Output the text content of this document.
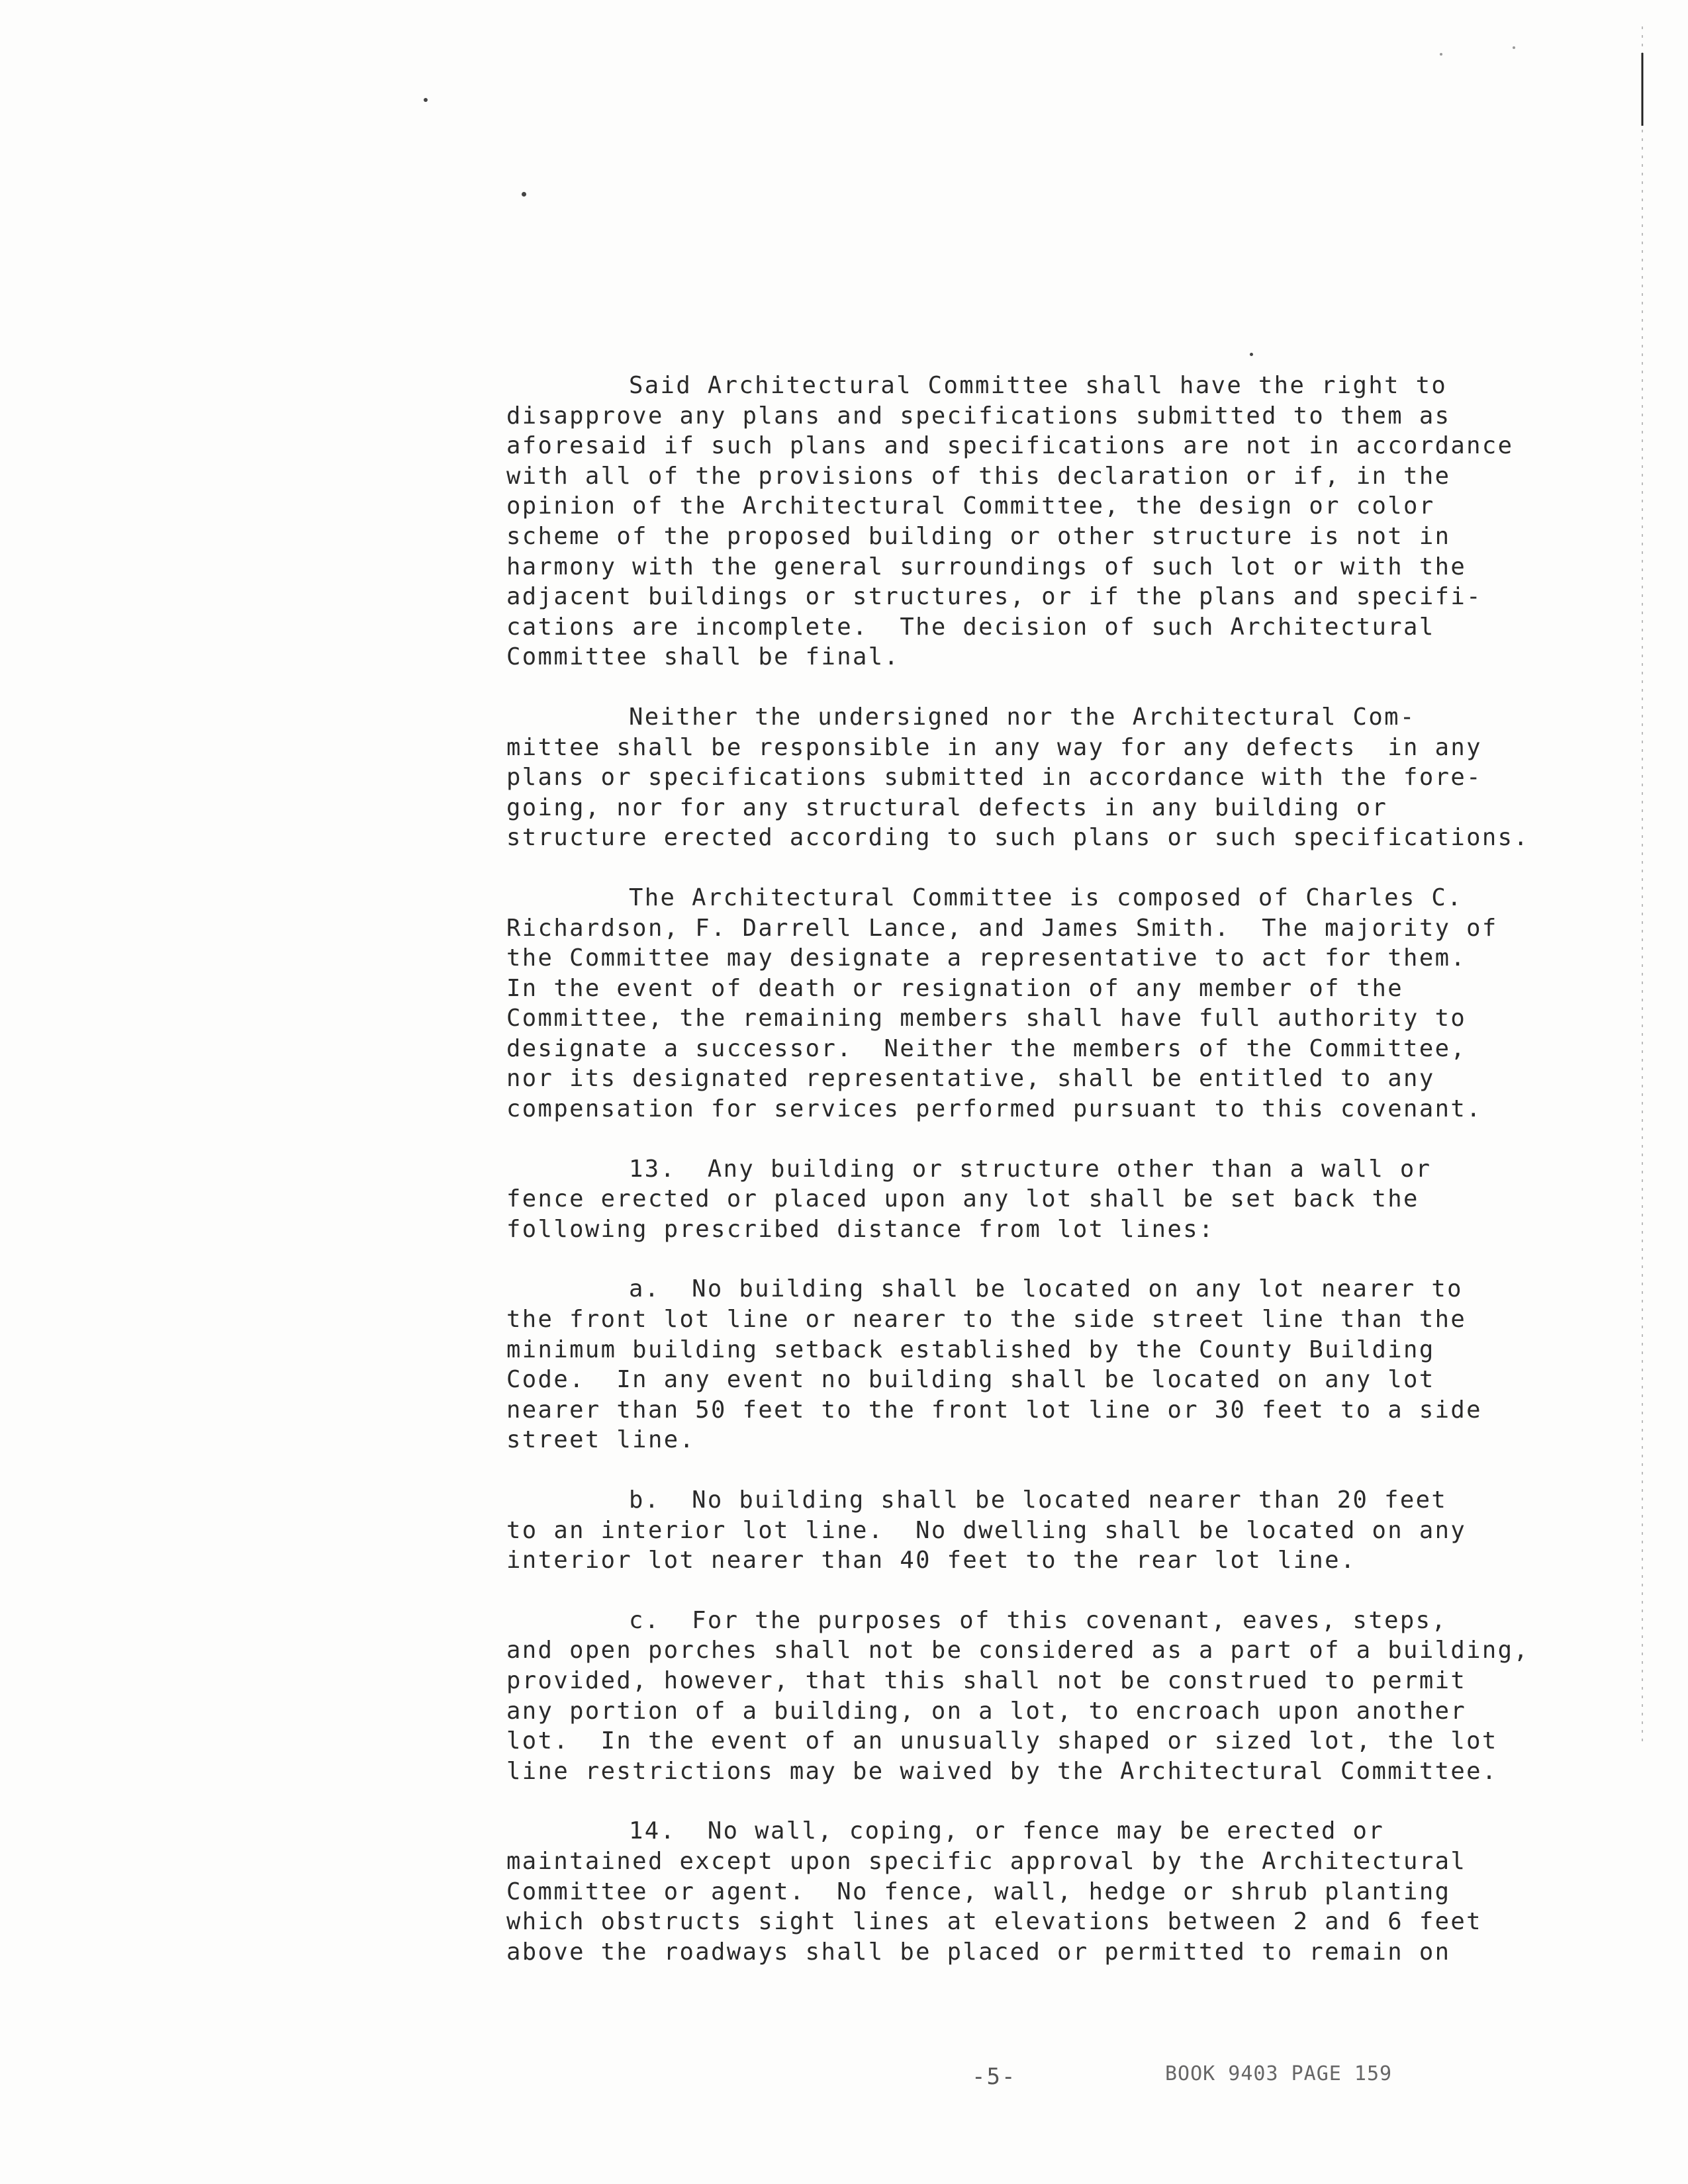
Said Architectural Committee shall have the right to
disapprove any plans and specifications submitted to them as
aforesaid if such plans and specifications are not in accordance
with all of the provisions of this declaration or if, in the
opinion of the Architectural Committee, the design or color
scheme of the proposed building or other structure is not in
harmony with the general surroundings of such lot or with the
adjacent buildings or structures, or if the plans and specifi-
cations are incomplete.  The decision of such Architectural
Committee shall be final.
Neither the undersigned nor the Architectural Com-
mittee shall be responsible in any way for any defects  in any
plans or specifications submitted in accordance with the fore-
going, nor for any structural defects in any building or
structure erected according to such plans or such specifications.
The Architectural Committee is composed of Charles C.
Richardson, F. Darrell Lance, and James Smith.  The majority of
the Committee may designate a representative to act for them.
In the event of death or resignation of any member of the
Committee, the remaining members shall have full authority to
designate a successor.  Neither the members of the Committee,
nor its designated representative, shall be entitled to any
compensation for services performed pursuant to this covenant.
13.  Any building or structure other than a wall or
fence erected or placed upon any lot shall be set back the
following prescribed distance from lot lines:
a.  No building shall be located on any lot nearer to
the front lot line or nearer to the side street line than the
minimum building setback established by the County Building
Code.  In any event no building shall be located on any lot
nearer than 50 feet to the front lot line or 30 feet to a side
street line.
b.  No building shall be located nearer than 20 feet
to an interior lot line.  No dwelling shall be located on any
interior lot nearer than 40 feet to the rear lot line.
c.  For the purposes of this covenant, eaves, steps,
and open porches shall not be considered as a part of a building,
provided, however, that this shall not be construed to permit
any portion of a building, on a lot, to encroach upon another
lot.  In the event of an unusually shaped or sized lot, the lot
line restrictions may be waived by the Architectural Committee.
14.  No wall, coping, or fence may be erected or
maintained except upon specific approval by the Architectural
Committee or agent.  No fence, wall, hedge or shrub planting
which obstructs sight lines at elevations between 2 and 6 feet
above the roadways shall be placed or permitted to remain on
-5-	BOOK 9403 PAGE 159
